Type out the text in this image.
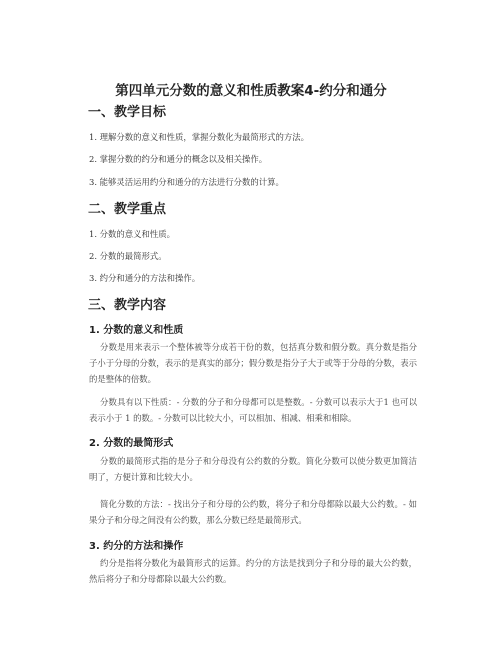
第四单元分数的意义和性质教案4-约分和通分
一、教学目标
1. 理解分数的意义和性质，掌握分数化为最简形式的方法。
2. 掌握分数的约分和通分的概念以及相关操作。
3. 能够灵活运用约分和通分的方法进行分数的计算。
二、教学重点
1. 分数的意义和性质。
2. 分数的最简形式。
3. 约分和通分的方法和操作。
三、教学内容
1. 分数的意义和性质
分数是用来表示一个整体被等分成若干份的数，包括真分数和假分数。真分数是指分子小于分母的分数，表示的是真实的部分；假分数是指分子大于或等于分母的分数，表示的是整体的倍数。
分数具有以下性质：- 分数的分子和分母都可以是整数。- 分数可以表示大于1 也可以表示小于 1 的数。- 分数可以比较大小，可以相加、相减、相乘和相除。
2. 分数的最简形式
分数的最简形式指的是分子和分母没有公约数的分数。简化分数可以使分数更加简洁明了，方便计算和比较大小。
简化分数的方法：- 找出分子和分母的公约数，将分子和分母都除以最大公约数。- 如果分子和分母之间没有公约数，那么分数已经是最简形式。
3. 约分的方法和操作
约分是指将分数化为最简形式的运算。约分的方法是找到分子和分母的最大公约数，然后将分子和分母都除以最大公约数。
